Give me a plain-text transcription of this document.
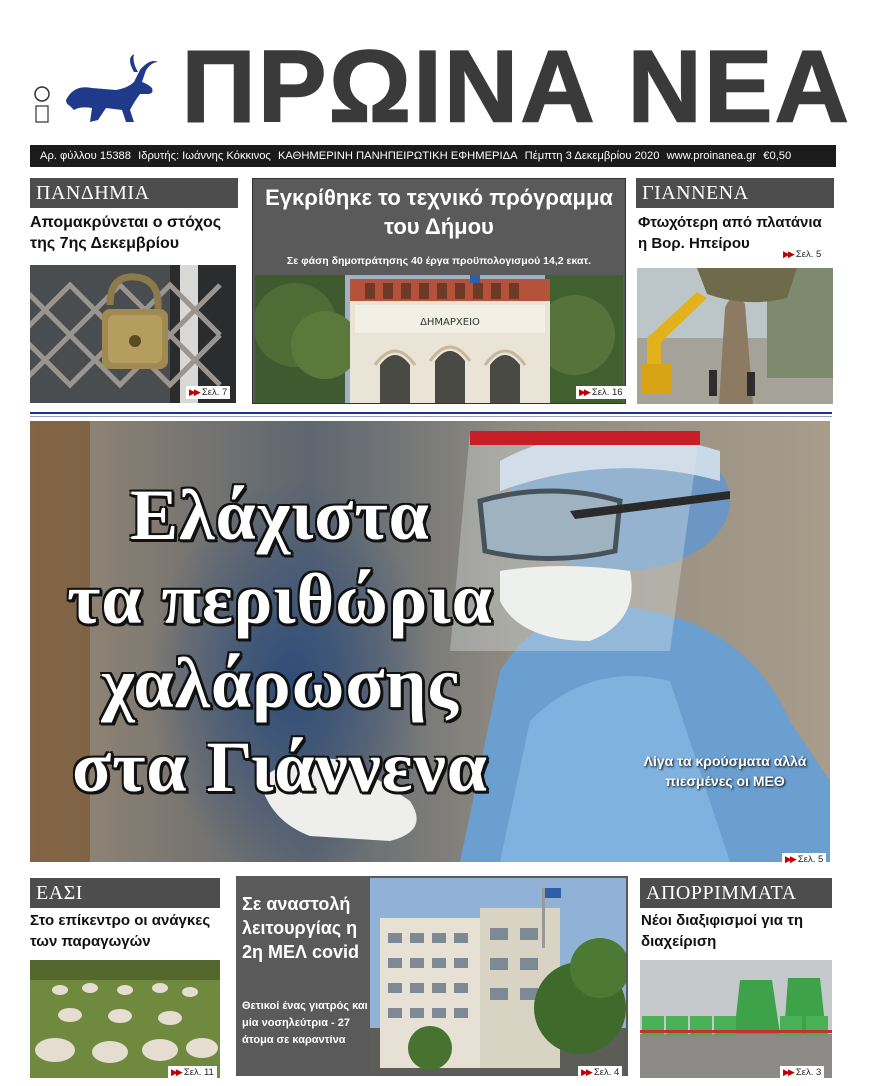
ΠΡΩΙΝΑ ΝΕΑ
Αρ. φύλλου 15388 Ιδρυτής: Ιωάννης Κόκκινος ΚΑΘΗΜΕΡΙΝΗ ΠΑΝΗΠΕΙΡΩΤΙΚΗ ΕΦΗΜΕΡΙΔΑ Πέμπτη 3 Δεκεμβρίου 2020 www.proinanea.gr €0,50
ΠΑΝΔΗΜΙΑ
Απομακρύνεται ο στόχος της 7ης Δεκεμβρίου
▶▶ Σελ. 7
Εγκρίθηκε το τεχνικό πρόγραμμα του Δήμου
Σε φάση δημοπράτησης 40 έργα προϋπολογισμού 14,2 εκατ.
ΔΗΜΑΡΧΕΙΟ
▶▶ Σελ. 16
ΓΙΑΝΝΕΝΑ
Φτωχότερη από πλατάνια η Βορ. Ηπείρου
▶▶ Σελ. 5
Ελάχιστα
τα περιθώρια
χαλάρωσης
στα Γιάννενα	Λίγα τα κρούσματα αλλά πιεσμένες οι ΜΕΘ
▶▶ Σελ. 5
ΕΑΣΙ
Στο επίκεντρο οι ανάγκες των παραγωγών
▶▶ Σελ. 11
Σε αναστολή λειτουργίας η 2η ΜΕΛ covid
Θετικοί ένας γιατρός και μία νοσηλεύτρια - 27 άτομα σε καραντίνα
▶▶ Σελ. 4
ΑΠΟΡΡΙΜΜΑΤΑ
Νέοι διαξιφισμοί για τη διαχείριση
▶▶ Σελ. 3
